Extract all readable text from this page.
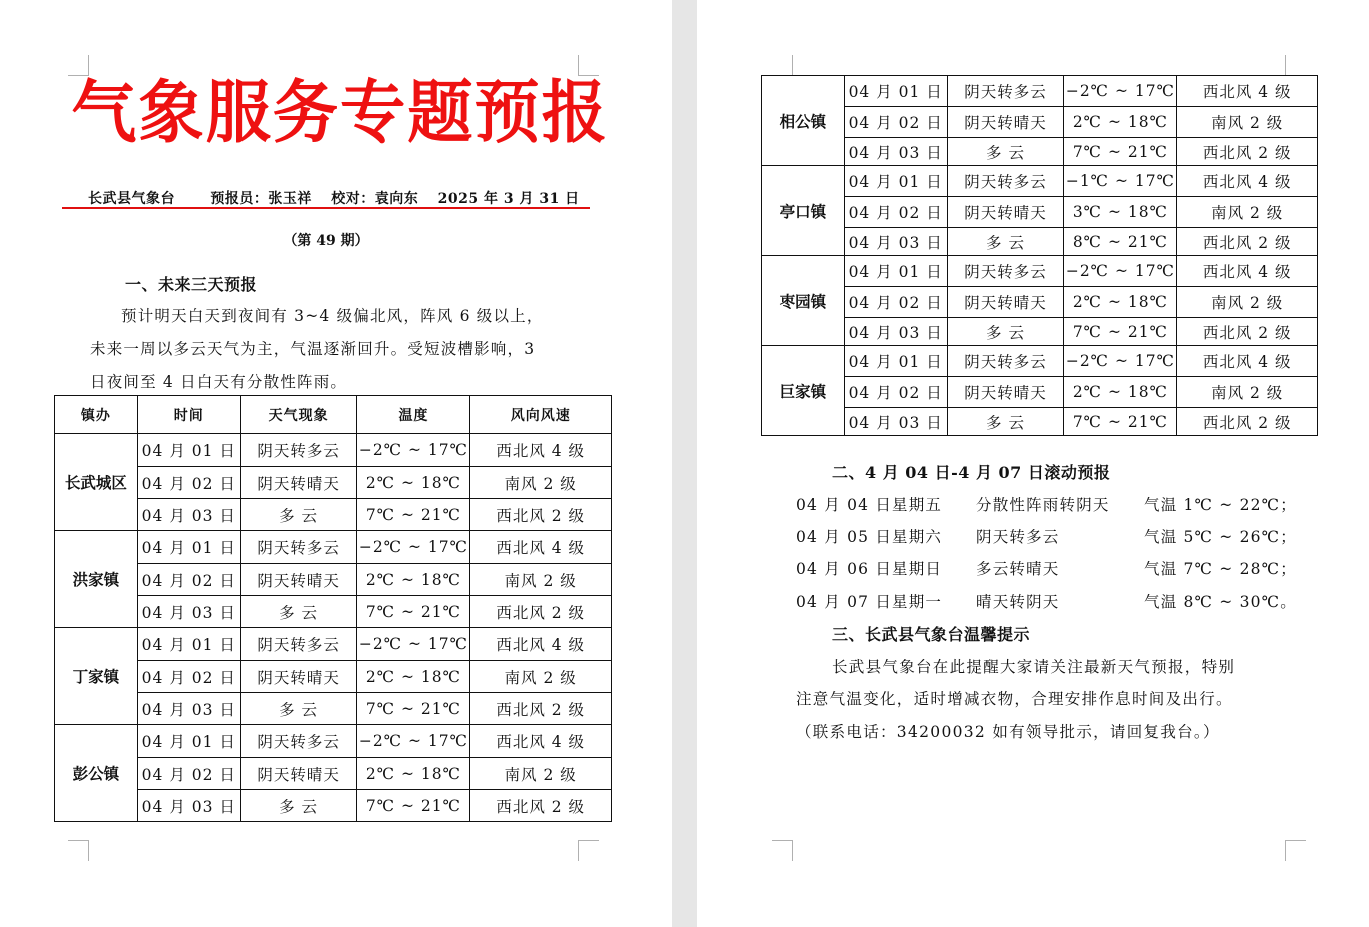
气象服务专题预报
长武县气象台	预报员：张玉祥 校对：袁向东 2025 年 3 月 31 日
（第 49 期）
一、未来三天预报
预计明天白天到夜间有 3~4 级偏北风，阵风 6 级以上，
未来一周以多云天气为主，气温逐渐回升。受短波槽影响，3
日夜间至 4 日白天有分散性阵雨。
镇办	时间	天气现象	温度	风向风速
长武城区	04 月 01 日	阴天转多云	−2℃ ~ 17℃	西北风 4 级
	04 月 02 日	阴天转晴天	2℃ ~ 18℃	南风 2 级
	04 月 03 日	多 云	7℃ ~ 21℃	西北风 2 级
洪家镇	04 月 01 日	阴天转多云	−2℃ ~ 17℃	西北风 4 级
	04 月 02 日	阴天转晴天	2℃ ~ 18℃	南风 2 级
	04 月 03 日	多 云	7℃ ~ 21℃	西北风 2 级
丁家镇	04 月 01 日	阴天转多云	−2℃ ~ 17℃	西北风 4 级
	04 月 02 日	阴天转晴天	2℃ ~ 18℃	南风 2 级
	04 月 03 日	多 云	7℃ ~ 21℃	西北风 2 级
彭公镇	04 月 01 日	阴天转多云	−2℃ ~ 17℃	西北风 4 级
	04 月 02 日	阴天转晴天	2℃ ~ 18℃	南风 2 级
	04 月 03 日	多 云	7℃ ~ 21℃	西北风 2 级
相公镇	04 月 01 日	阴天转多云	−2℃ ~ 17℃	西北风 4 级
	04 月 02 日	阴天转晴天	2℃ ~ 18℃	南风 2 级
	04 月 03 日	多 云	7℃ ~ 21℃	西北风 2 级
亭口镇	04 月 01 日	阴天转多云	−1℃ ~ 17℃	西北风 4 级
	04 月 02 日	阴天转晴天	3℃ ~ 18℃	南风 2 级
	04 月 03 日	多 云	8℃ ~ 21℃	西北风 2 级
枣园镇	04 月 01 日	阴天转多云	−2℃ ~ 17℃	西北风 4 级
	04 月 02 日	阴天转晴天	2℃ ~ 18℃	南风 2 级
	04 月 03 日	多 云	7℃ ~ 21℃	西北风 2 级
巨家镇	04 月 01 日	阴天转多云	−2℃ ~ 17℃	西北风 4 级
	04 月 02 日	阴天转晴天	2℃ ~ 18℃	南风 2 级
	04 月 03 日	多 云	7℃ ~ 21℃	西北风 2 级
二、4 月 04 日-4 月 07 日滚动预报
04 月 04 日星期五 分散性阵雨转阴天 气温 1℃ ~ 22℃；
04 月 05 日星期六 阴天转多云	气温 5℃ ~ 26℃；
04 月 06 日星期日 多云转晴天	气温 7℃ ~ 28℃；
04 月 07 日星期一 晴天转阴天	气温 8℃ ~ 30℃。
三、长武县气象台温馨提示
长武县气象台在此提醒大家请关注最新天气预报，特别
注意气温变化，适时增减衣物，合理安排作息时间及出行。
（联系电话：34200032 如有领导批示，请回复我台。）
